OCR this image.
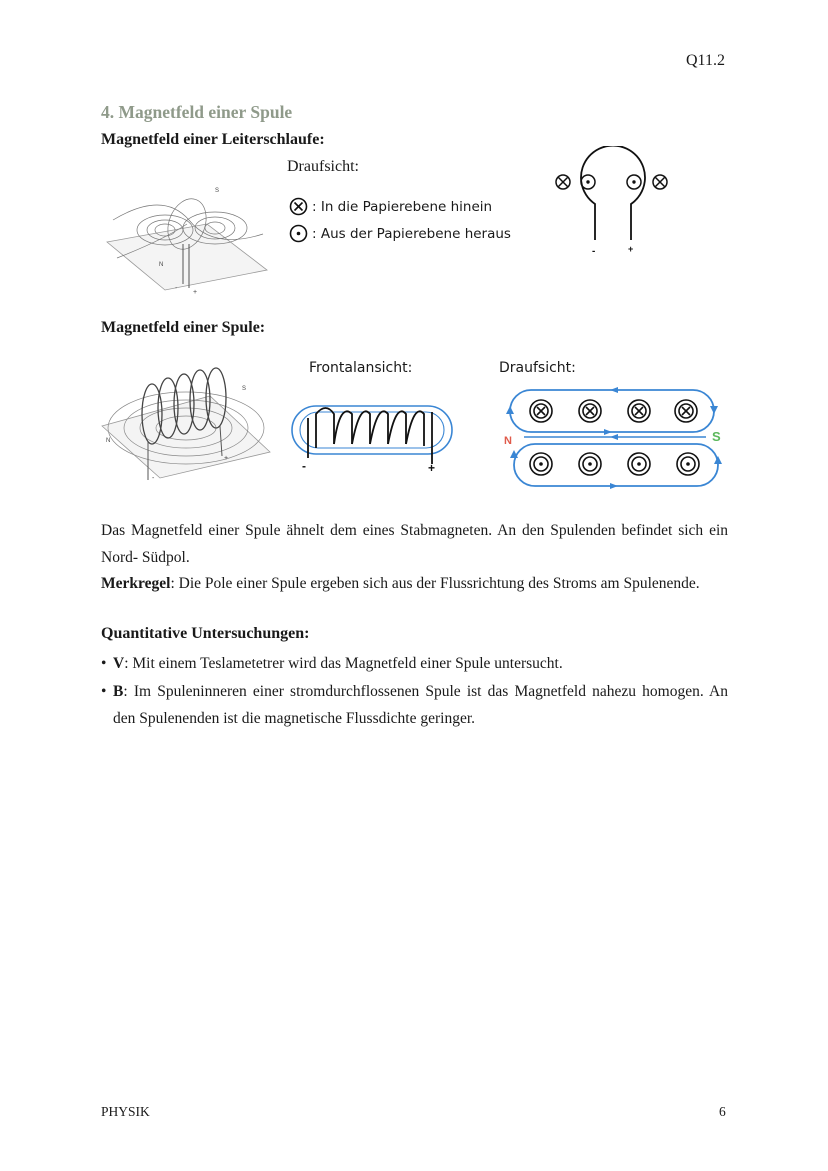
Q11.2
4. Magnetfeld einer Spule
Magnetfeld einer Leiterschlaufe:
S
N
-
+
Draufsicht:
: In die Papierebene hinein
: Aus der Papierebene heraus
-	+
Magnetfeld einer Spule:
S
N
-
+
Frontalansicht:
-	+
Draufsicht:
N	S
Das Magnetfeld einer Spule ähnelt dem eines Stabmagneten. An den Spulenden befindet sich ein Nord- Südpol.
Merkregel: Die Pole einer Spule ergeben sich aus der Flussrichtung des Stroms am Spulenende.
Quantitative Untersuchungen:
• V: Mit einem Teslametetrer wird das Magnetfeld einer Spule untersucht.
• B: Im Spuleninneren einer stromdurchflossenen Spule ist das Magnetfeld nahezu homogen. An den Spulenenden ist die magnetische Flussdichte geringer.
PHYSIK	6
